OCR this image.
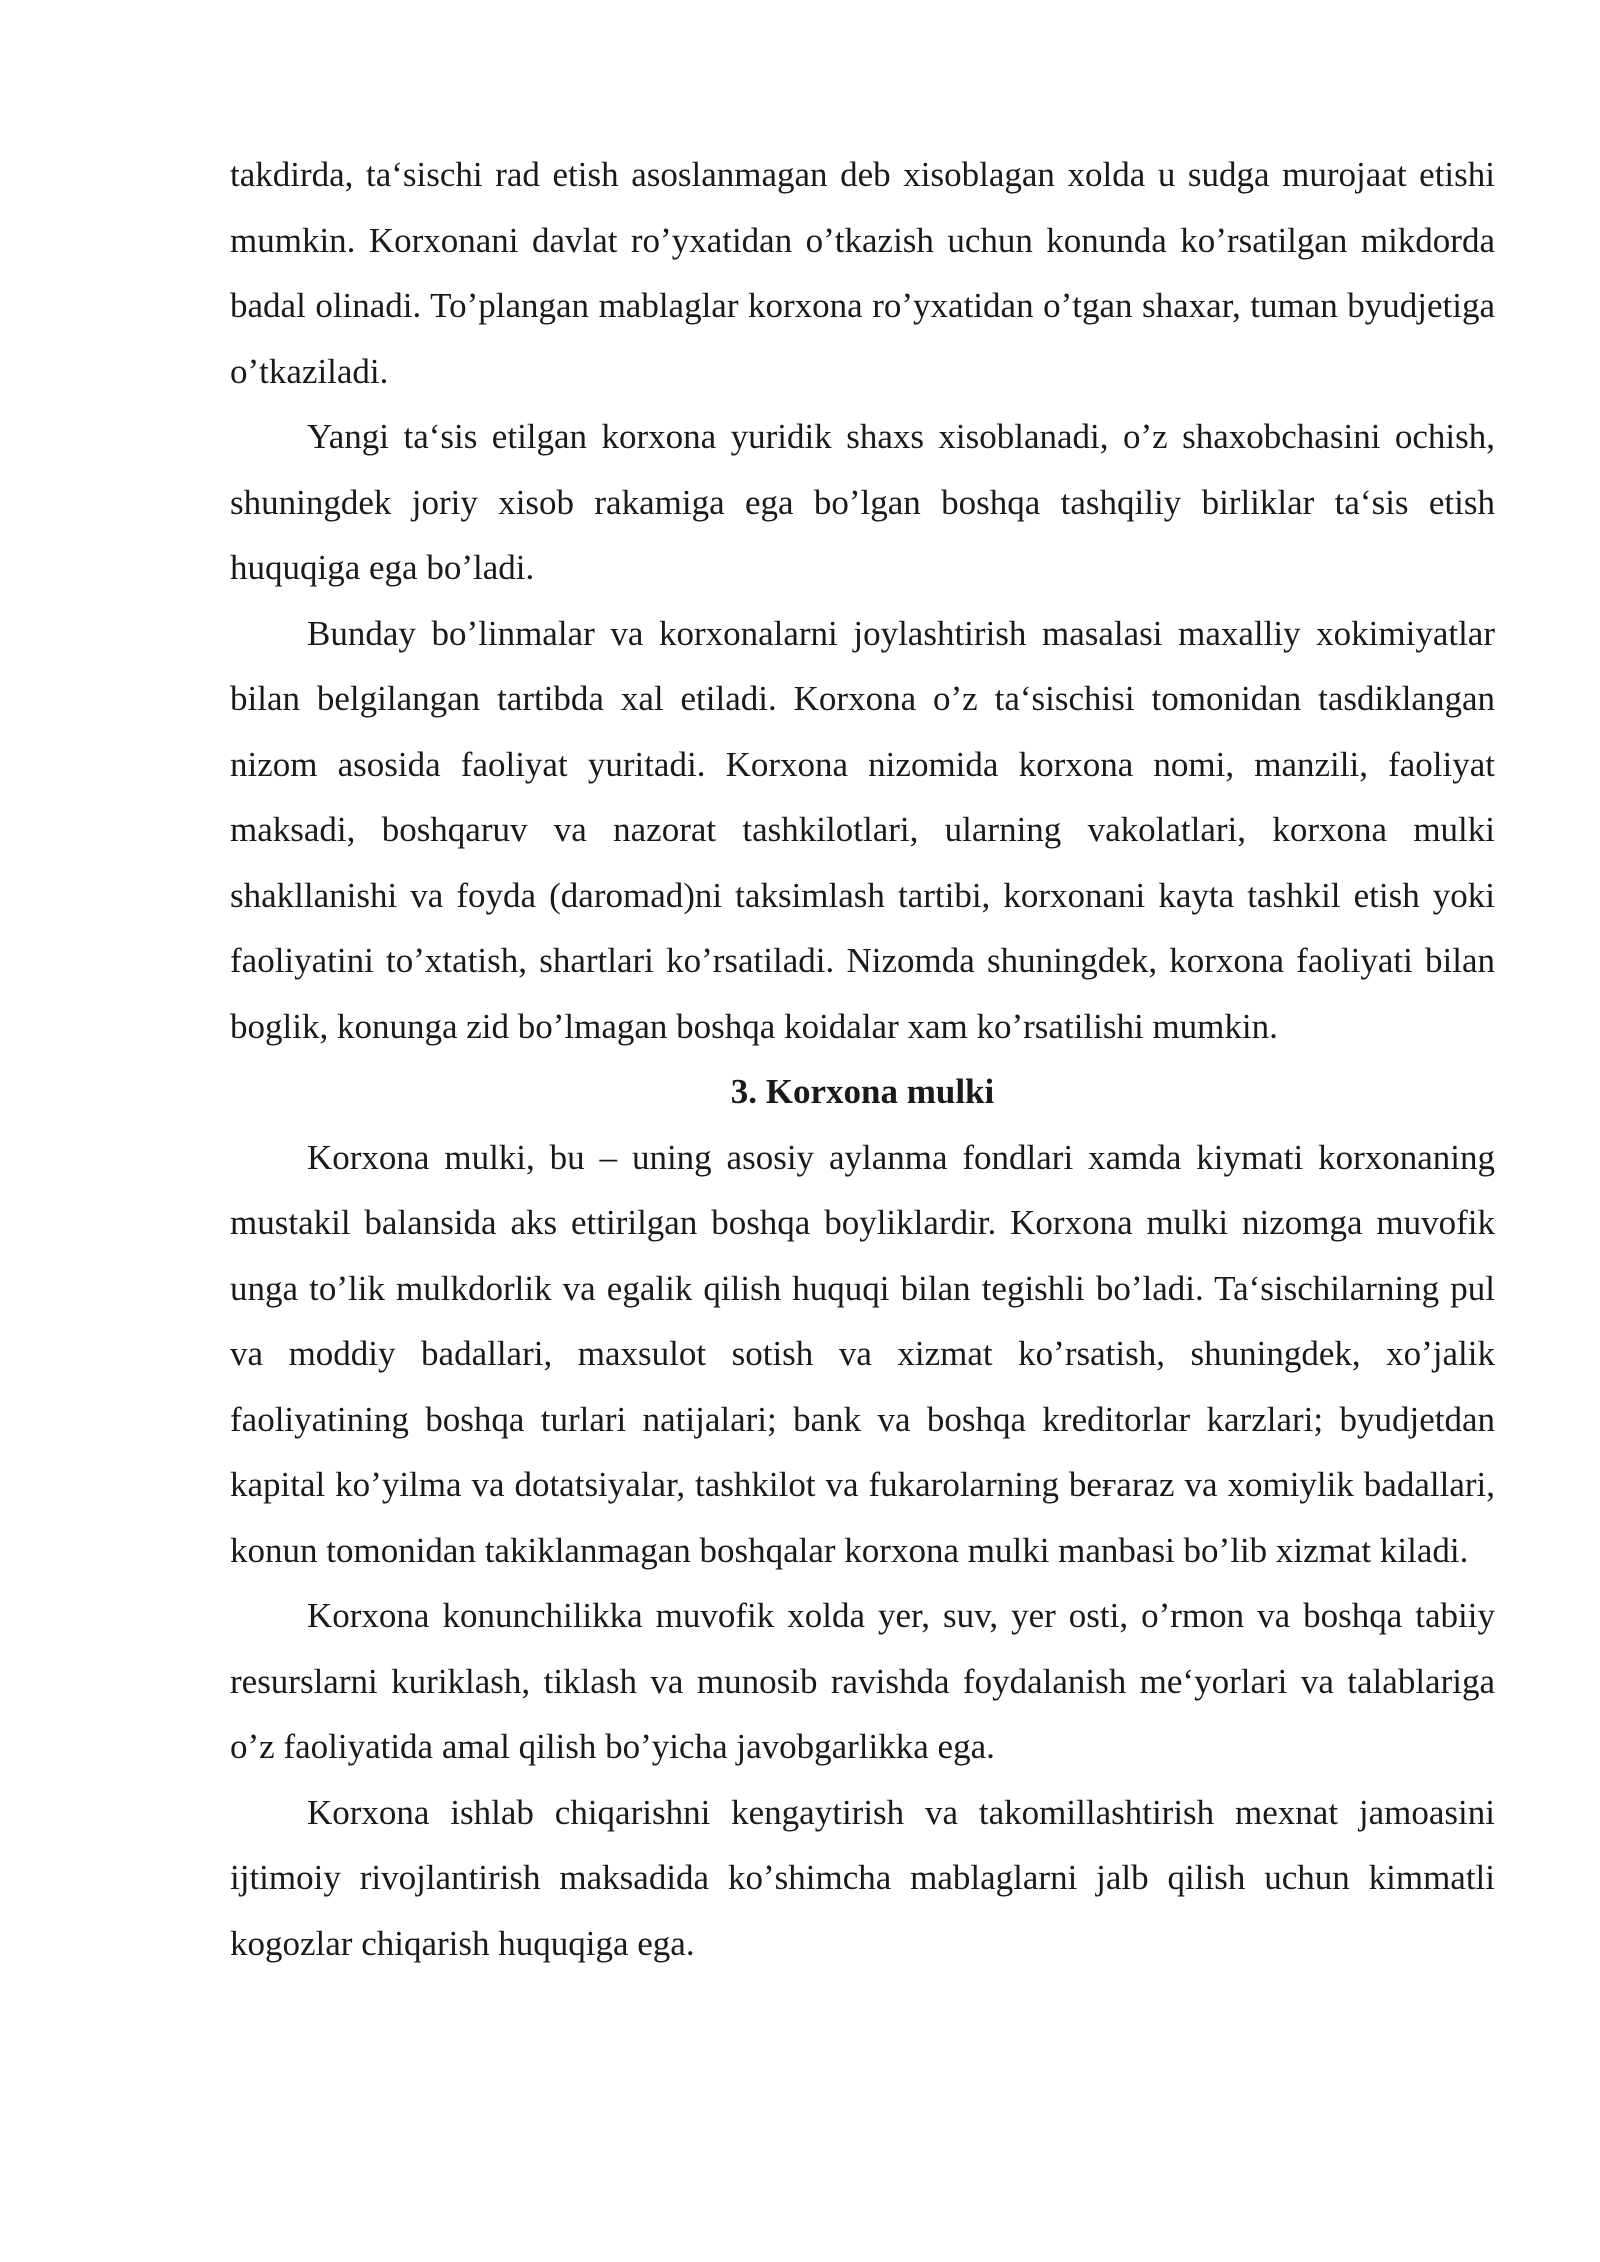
takdirda, taʻsischi rad etish asoslanmagan deb xisoblagan xolda u sudga murojaat etishi mumkin. Korxonani davlat roʼyxatidan oʼtkazish uchun konunda koʼrsatilgan mikdorda badal olinadi. Toʼplangan mablaglar korxona roʼyxatidan oʼtgan shaxar, tuman byudjetiga oʼtkaziladi.

Yangi taʻsis etilgan korxona yuridik shaxs xisoblanadi, oʼz shaxobchasini ochish, shuningdek joriy xisob rakamiga ega boʼlgan boshqa tashqiliy birliklar taʻsis etish huquqiga ega boʼladi.

Bunday boʼlinmalar va korxonalarni joylashtirish masalasi maxalliy xokimiyatlar bilan belgilangan tartibda xal etiladi. Korxona oʼz taʻsischisi tomonidan tasdiklangan nizom asosida faoliyat yuritadi. Korxona nizomida korxona nomi, manzili, faoliyat maksadi, boshqaruv va nazorat tashkilotlari, ularning vakolatlari, korxona mulki shakllanishi va foyda (daromad)ni taksimlash tartibi, korxonani kayta tashkil etish yoki faoliyatini toʼxtatish, shartlari koʼrsatiladi. Nizomda shuningdek, korxona faoliyati bilan boglik, konunga zid boʼlmagan boshqa koidalar xam koʼrsatilishi mumkin.

3. Korxona mulki

Korxona mulki, bu – uning asosiy aylanma fondlari xamda kiymati korxonaning mustakil balansida aks ettirilgan boshqa boyliklardir. Korxona mulki nizomga muvofik unga toʼlik mulkdorlik va egalik qilish huquqi bilan tegishli boʼladi. Taʻsischilarning pul va moddiy badallari, maxsulot sotish va xizmat koʼrsatish, shuningdek, xoʼjalik faoliyatining boshqa turlari natijalari; bank va boshqa kreditorlar karzlari; byudjetdan kapital koʼyilma va dotatsiyalar, tashkilot va fukarolarning beғaraz va xomiylik badallari, konun tomonidan takiklanmagan boshqalar korxona mulki manbasi boʼlib xizmat kiladi.

Korxona konunchilikka muvofik xolda yer, suv, yer osti, oʼrmon va boshqa tabiiy resurslarni kuriklash, tiklash va munosib ravishda foydalanish meʻyorlari va talablariga oʼz faoliyatida amal qilish boʼyicha javobgarlikka ega.

Korxona ishlab chiqarishni kengaytirish va takomillashtirish mexnat jamoasini ijtimoiy rivojlantirish maksadida koʼshimcha mablaglarni jalb qilish uchun kimmatli kogozlar chiqarish huquqiga ega.
